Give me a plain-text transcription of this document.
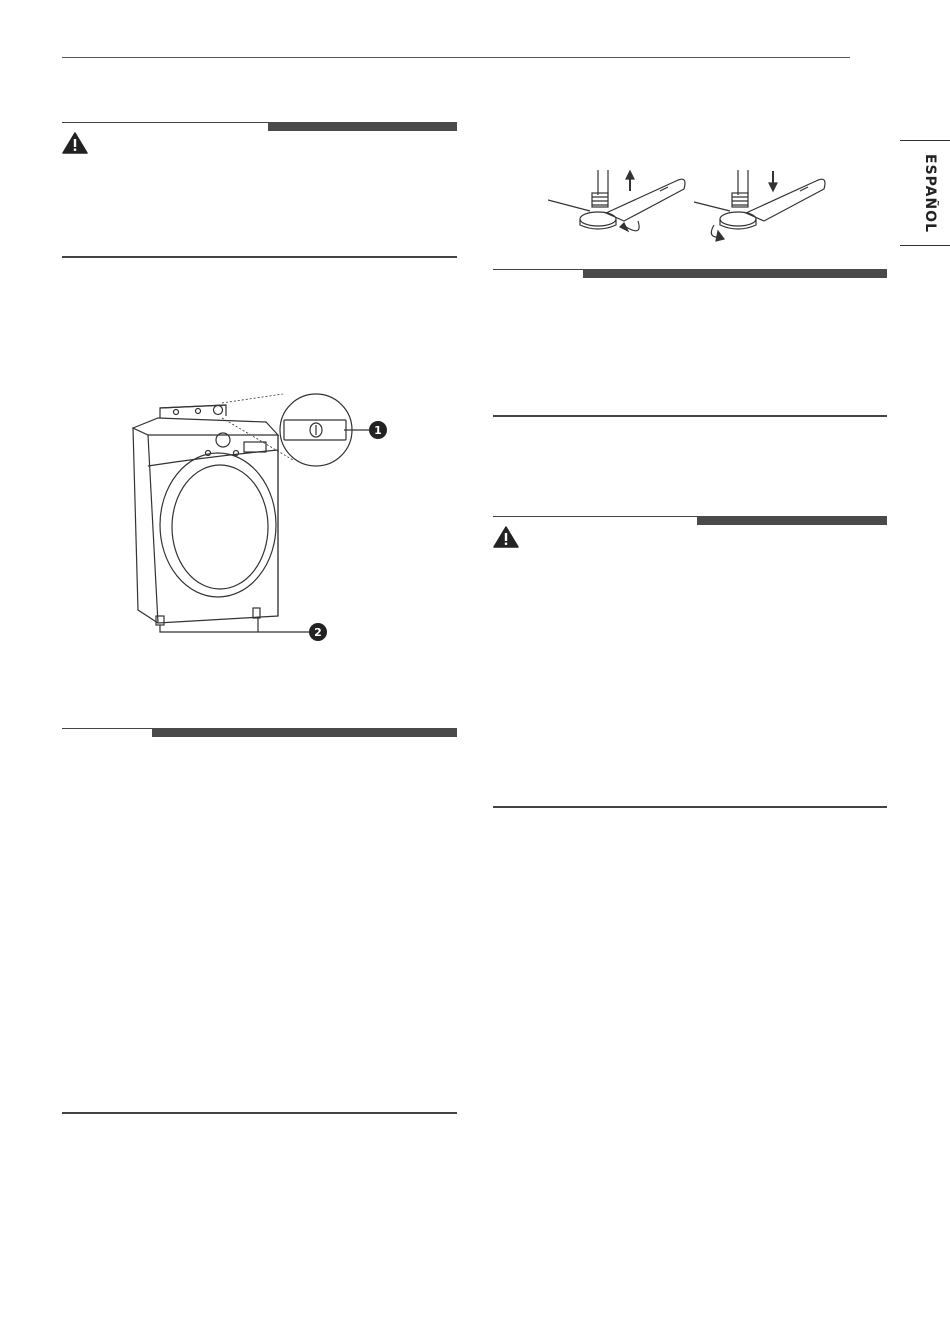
ESPAÑOL
1
2
